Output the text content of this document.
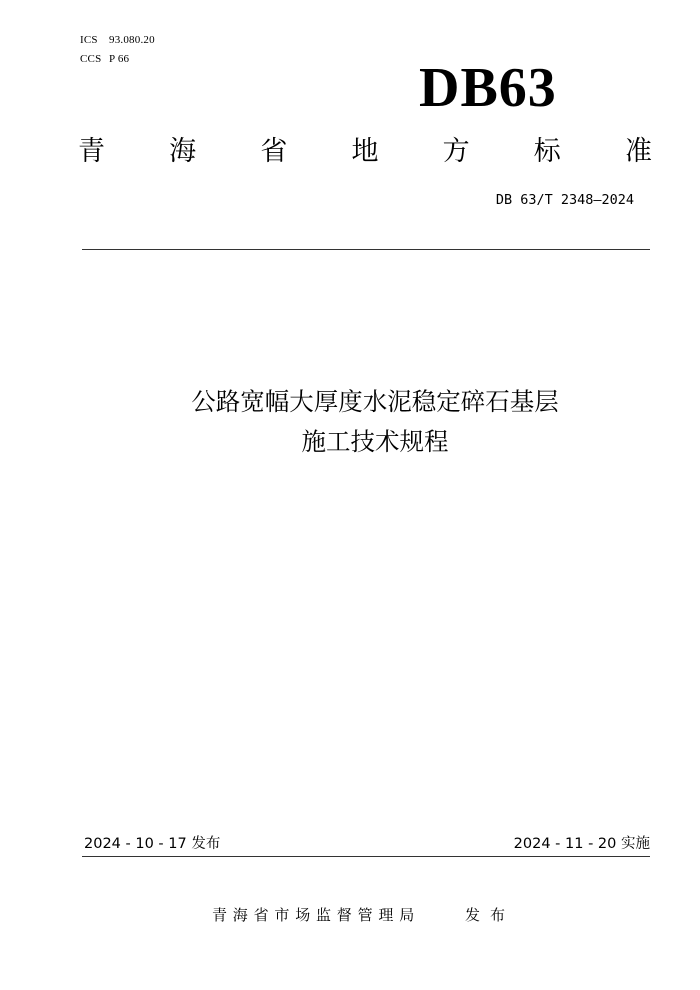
ICS 93.080.20
CCS P 66	DB63
青 海 省 地 方 标 准
DB 63/T 2348—2024
公路宽幅大厚度水泥稳定碎石基层
施工技术规程
2024 - 10 - 17 发布	2024 - 11 - 20 实施
青海省市场监督管理局	发布
